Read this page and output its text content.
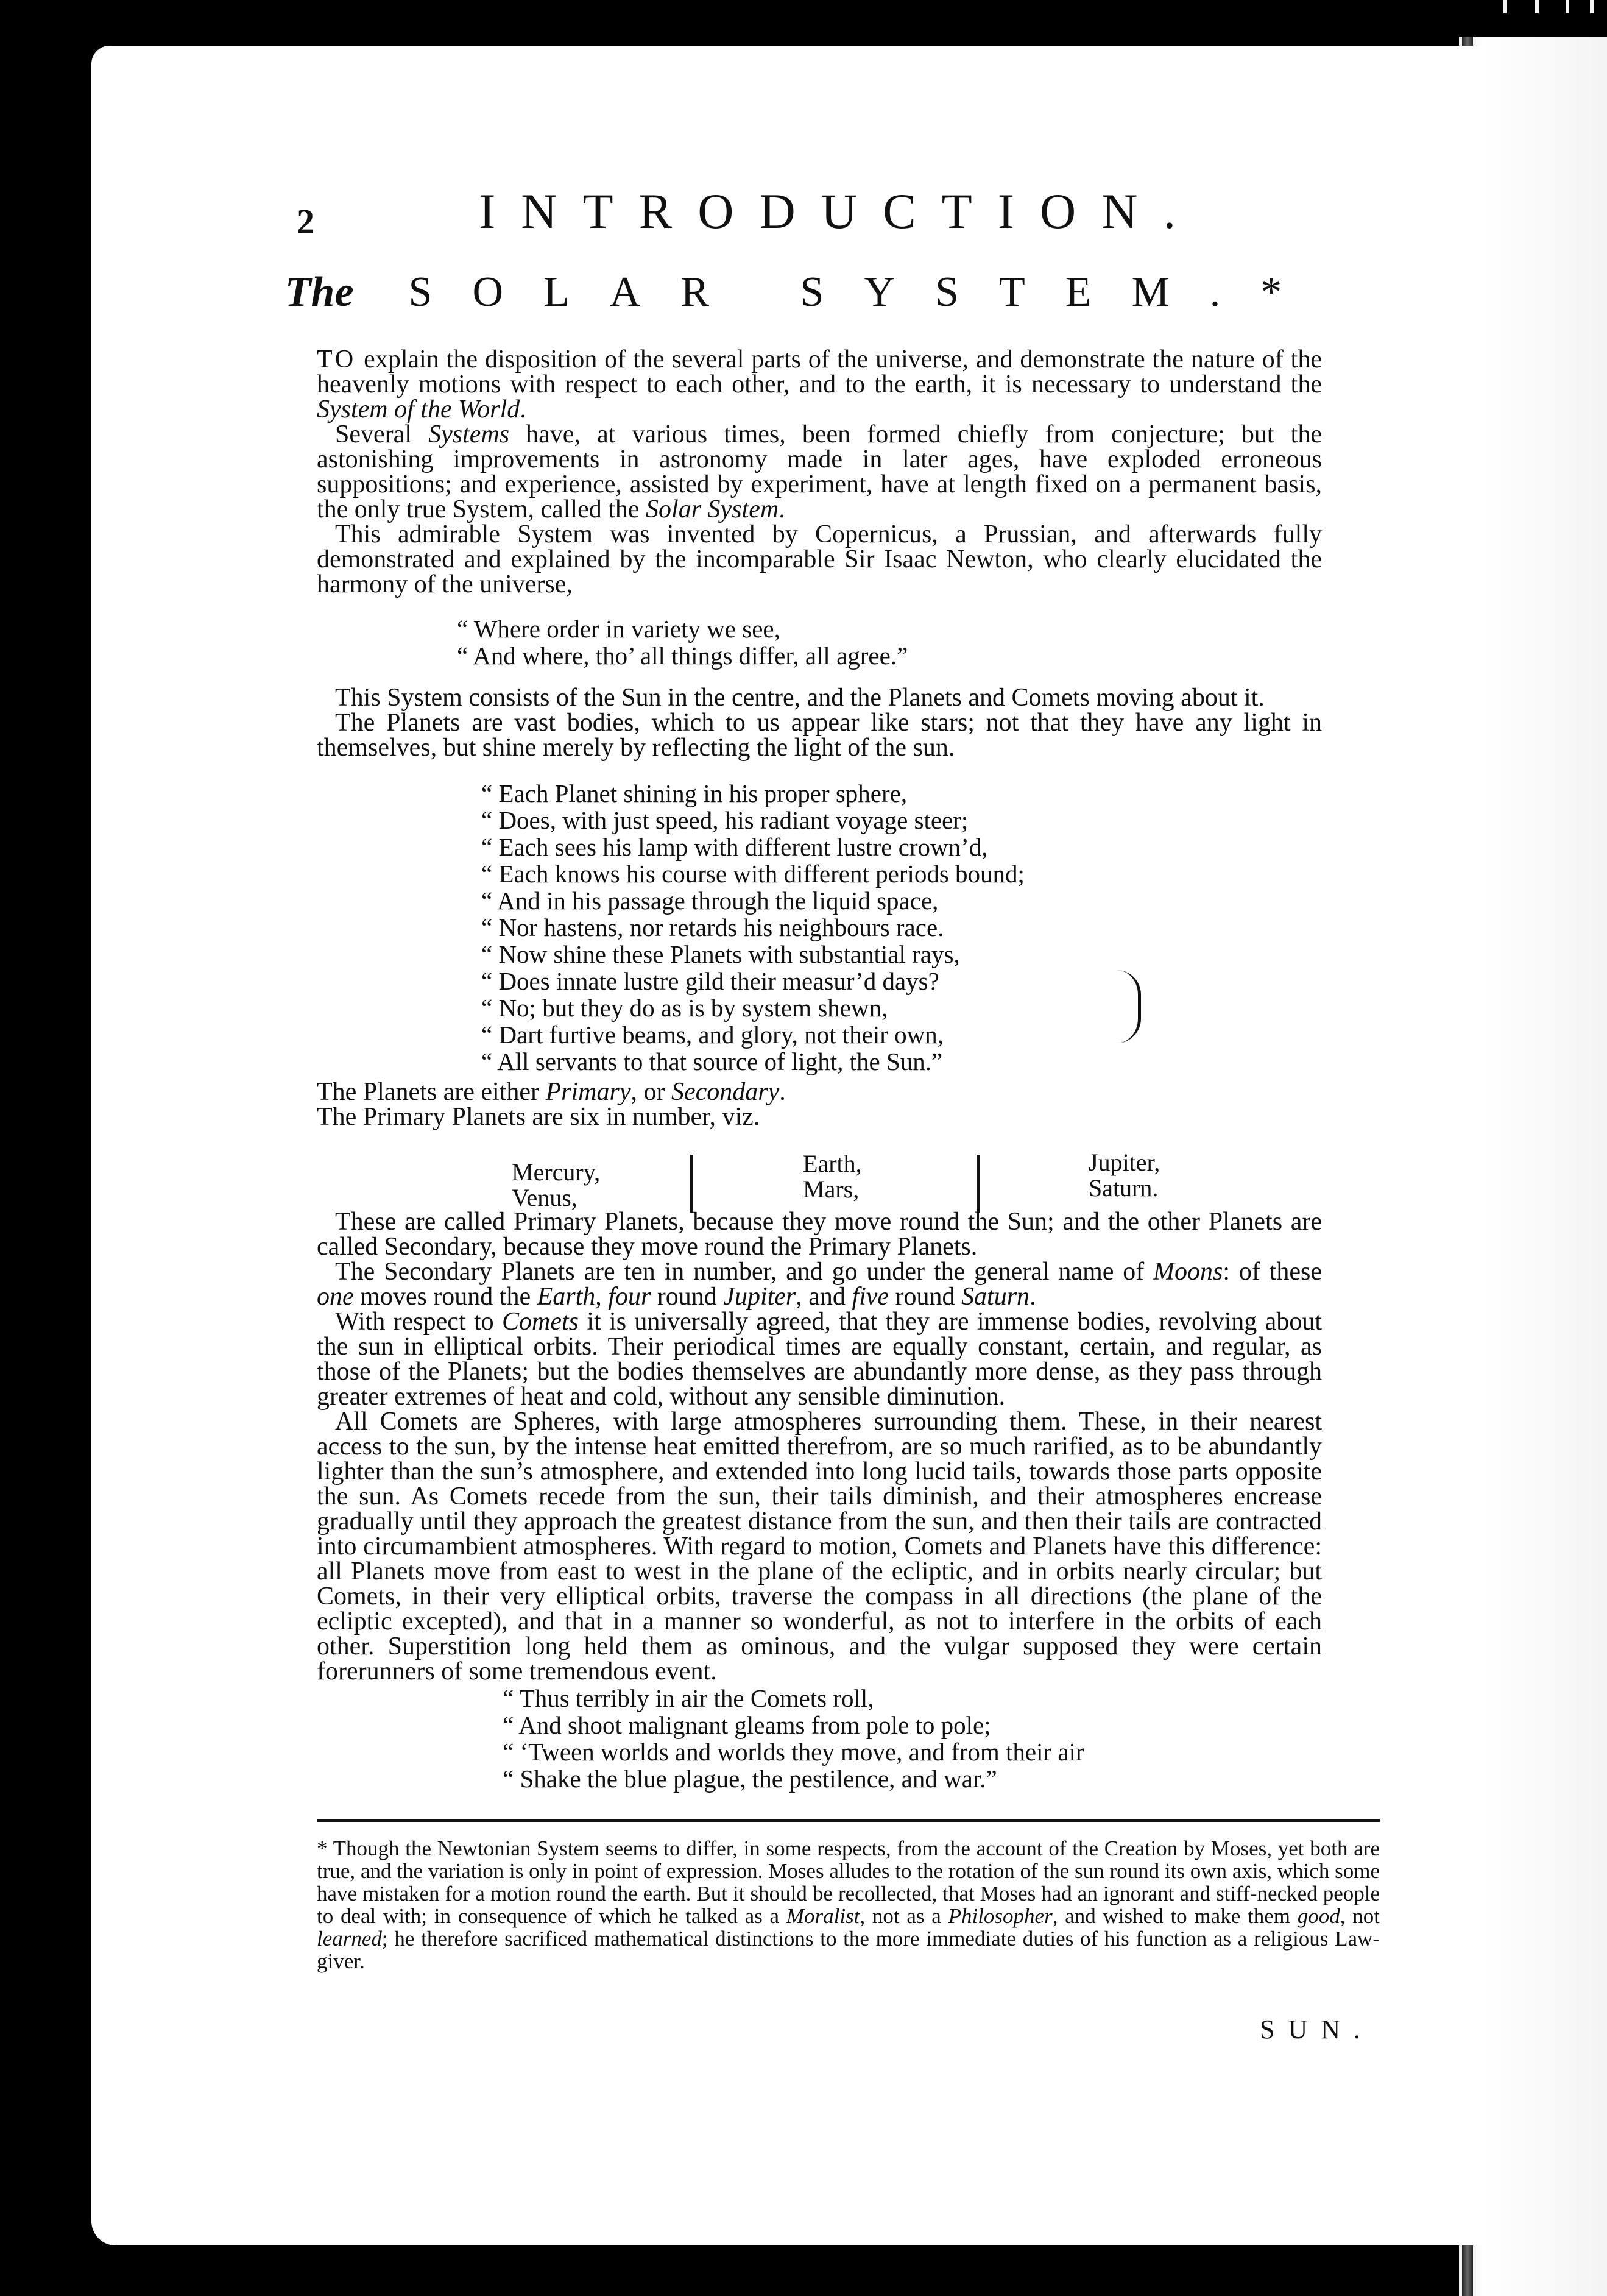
2	INTRODUCTION.
The SOLAR SYSTEM.*

TO explain the disposition of the several parts of the universe, and demonstrate the nature of the heavenly motions with respect to each other, and to the earth, it is necessary to understand the System of the World.

Several Systems have, at various times, been formed chiefly from conjecture; but the astonishing improvements in astronomy made in later ages, have exploded erroneous suppositions; and experience, assisted by experiment, have at length fixed on a permanent basis, the only true System, called the Solar System.

This admirable System was invented by Copernicus, a Prussian, and afterwards fully demonstrated and explained by the incomparable Sir Isaac Newton, who clearly elucidated the harmony of the universe,

“ Where order in variety we see,
“ And where, tho’ all things differ, all agree.”

This System consists of the Sun in the centre, and the Planets and Comets moving about it.

The Planets are vast bodies, which to us appear like stars; not that they have any light in themselves, but shine merely by reflecting the light of the sun.

“ Each Planet shining in his proper sphere,
“ Does, with just speed, his radiant voyage steer;
“ Each sees his lamp with different lustre crown’d,
“ Each knows his course with different periods bound;
“ And in his passage through the liquid space,
“ Nor hastens, nor retards his neighbours race.
“ Now shine these Planets with substantial rays,
“ Does innate lustre gild their measur’d days?
“ No; but they do as is by system shewn,
“ Dart furtive beams, and glory, not their own,
“ All servants to that source of light, the Sun.”

The Planets are either Primary, or Secondary.

The Primary Planets are six in number, viz.

Mercury,
Venus,
Earth,
Mars,
Jupiter,
Saturn.

These are called Primary Planets, because they move round the Sun; and the other Planets are called Secondary, because they move round the Primary Planets.

The Secondary Planets are ten in number, and go under the general name of Moons: of these one moves round the Earth, four round Jupiter, and five round Saturn.

With respect to Comets it is universally agreed, that they are immense bodies, revolving about the sun in elliptical orbits. Their periodical times are equally constant, certain, and regular, as those of the Planets; but the bodies themselves are abundantly more dense, as they pass through greater extremes of heat and cold, without any sensible diminution.

All Comets are Spheres, with large atmospheres surrounding them. These, in their nearest access to the sun, by the intense heat emitted therefrom, are so much rarified, as to be abundantly lighter than the sun’s atmosphere, and extended into long lucid tails, towards those parts opposite the sun. As Comets recede from the sun, their tails diminish, and their atmospheres encrease gradually until they approach the greatest distance from the sun, and then their tails are contracted into circumambient atmospheres. With regard to motion, Comets and Planets have this difference: all Planets move from east to west in the plane of the ecliptic, and in orbits nearly circular; but Comets, in their very elliptical orbits, traverse the compass in all directions (the plane of the ecliptic excepted), and that in a manner so wonderful, as not to interfere in the orbits of each other. Superstition long held them as ominous, and the vulgar supposed they were certain forerunners of some tremendous event.

“ Thus terribly in air the Comets roll,
“ And shoot malignant gleams from pole to pole;
“ ‘Tween worlds and worlds they move, and from their air
“ Shake the blue plague, the pestilence, and war.”
* Though the Newtonian System seems to differ, in some respects, from the account of the Creation by Moses, yet both are true, and the variation is only in point of expression. Moses alludes to the rotation of the sun round its own axis, which some have mistaken for a motion round the earth. But it should be recollected, that Moses had an ignorant and stiff-necked people to deal with; in consequence of which he talked as a Moralist, not as a Philosopher, and wished to make them good, not learned; he therefore sacrificed mathematical distinctions to the more immediate duties of his function as a religious Law-giver.
SUN.
